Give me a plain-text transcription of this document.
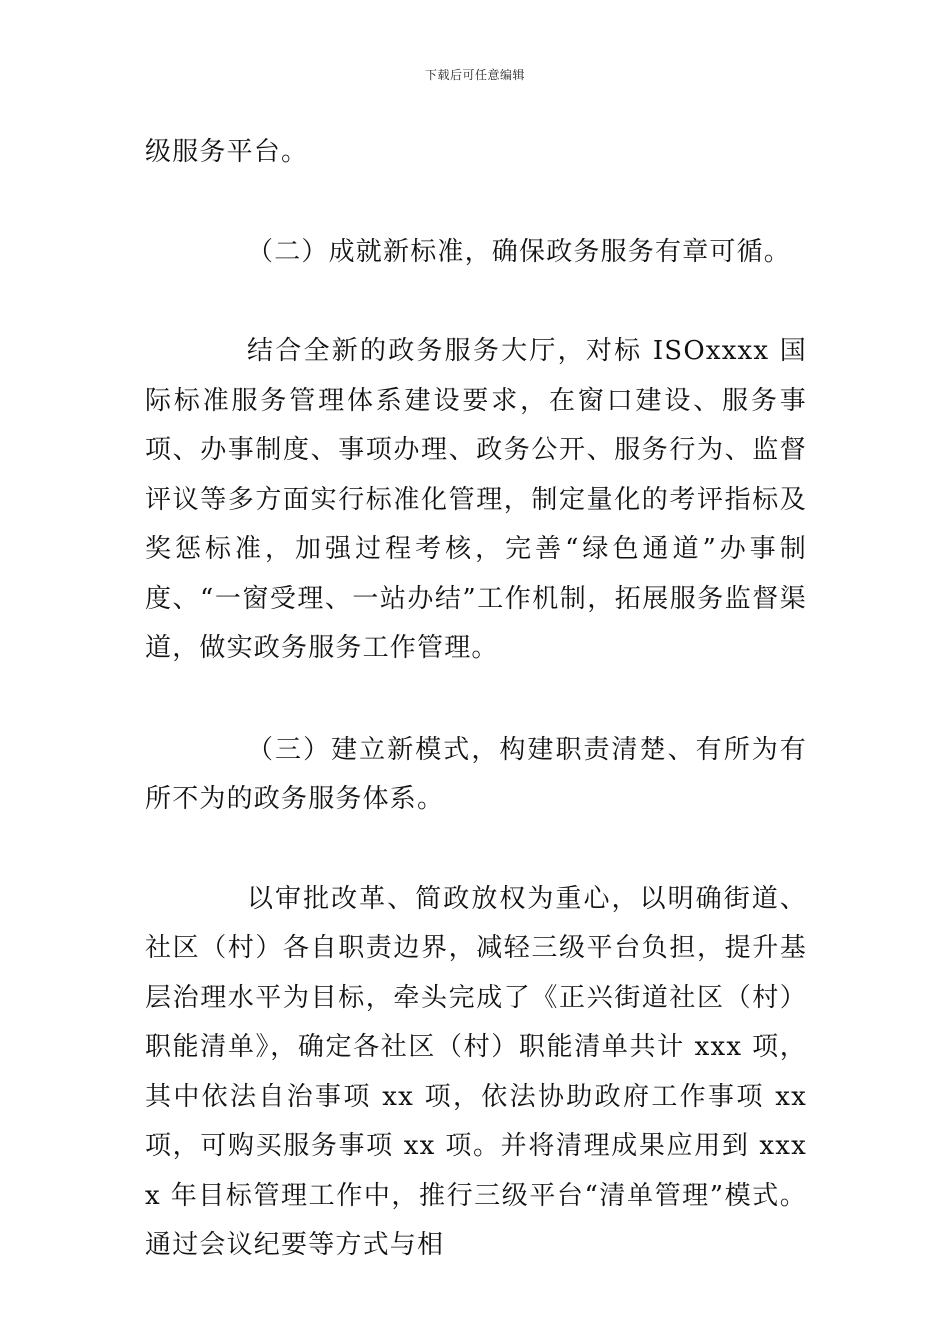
下载后可任意编辑

级服务平台。

（二）成就新标准，确保政务服务有章可循。

结合全新的政务服务大厅，对标 ISOxxxx 国际标准服务管理体系建设要求，在窗口建设、服务事项、办事制度、事项办理、政务公开、服务行为、监督评议等多方面实行标准化管理，制定量化的考评指标及奖惩标准，加强过程考核，完善“绿色通道”办事制度、“一窗受理、一站办结”工作机制，拓展服务监督渠道，做实政务服务工作管理。

（三）建立新模式，构建职责清楚、有所为有所不为的政务服务体系。

以审批改革、简政放权为重心，以明确街道、社区（村）各自职责边界，减轻三级平台负担，提升基层治理水平为目标，牵头完成了《正兴街道社区（村）职能清单》，确定各社区（村）职能清单共计 xxx 项，其中依法自治事项 xx 项，依法协助政府工作事项 xx 项，可购买服务事项 xx 项。并将清理成果应用到 xxxx 年目标管理工作中，推行三级平台“清单管理”模式。通过会议纪要等方式与相
